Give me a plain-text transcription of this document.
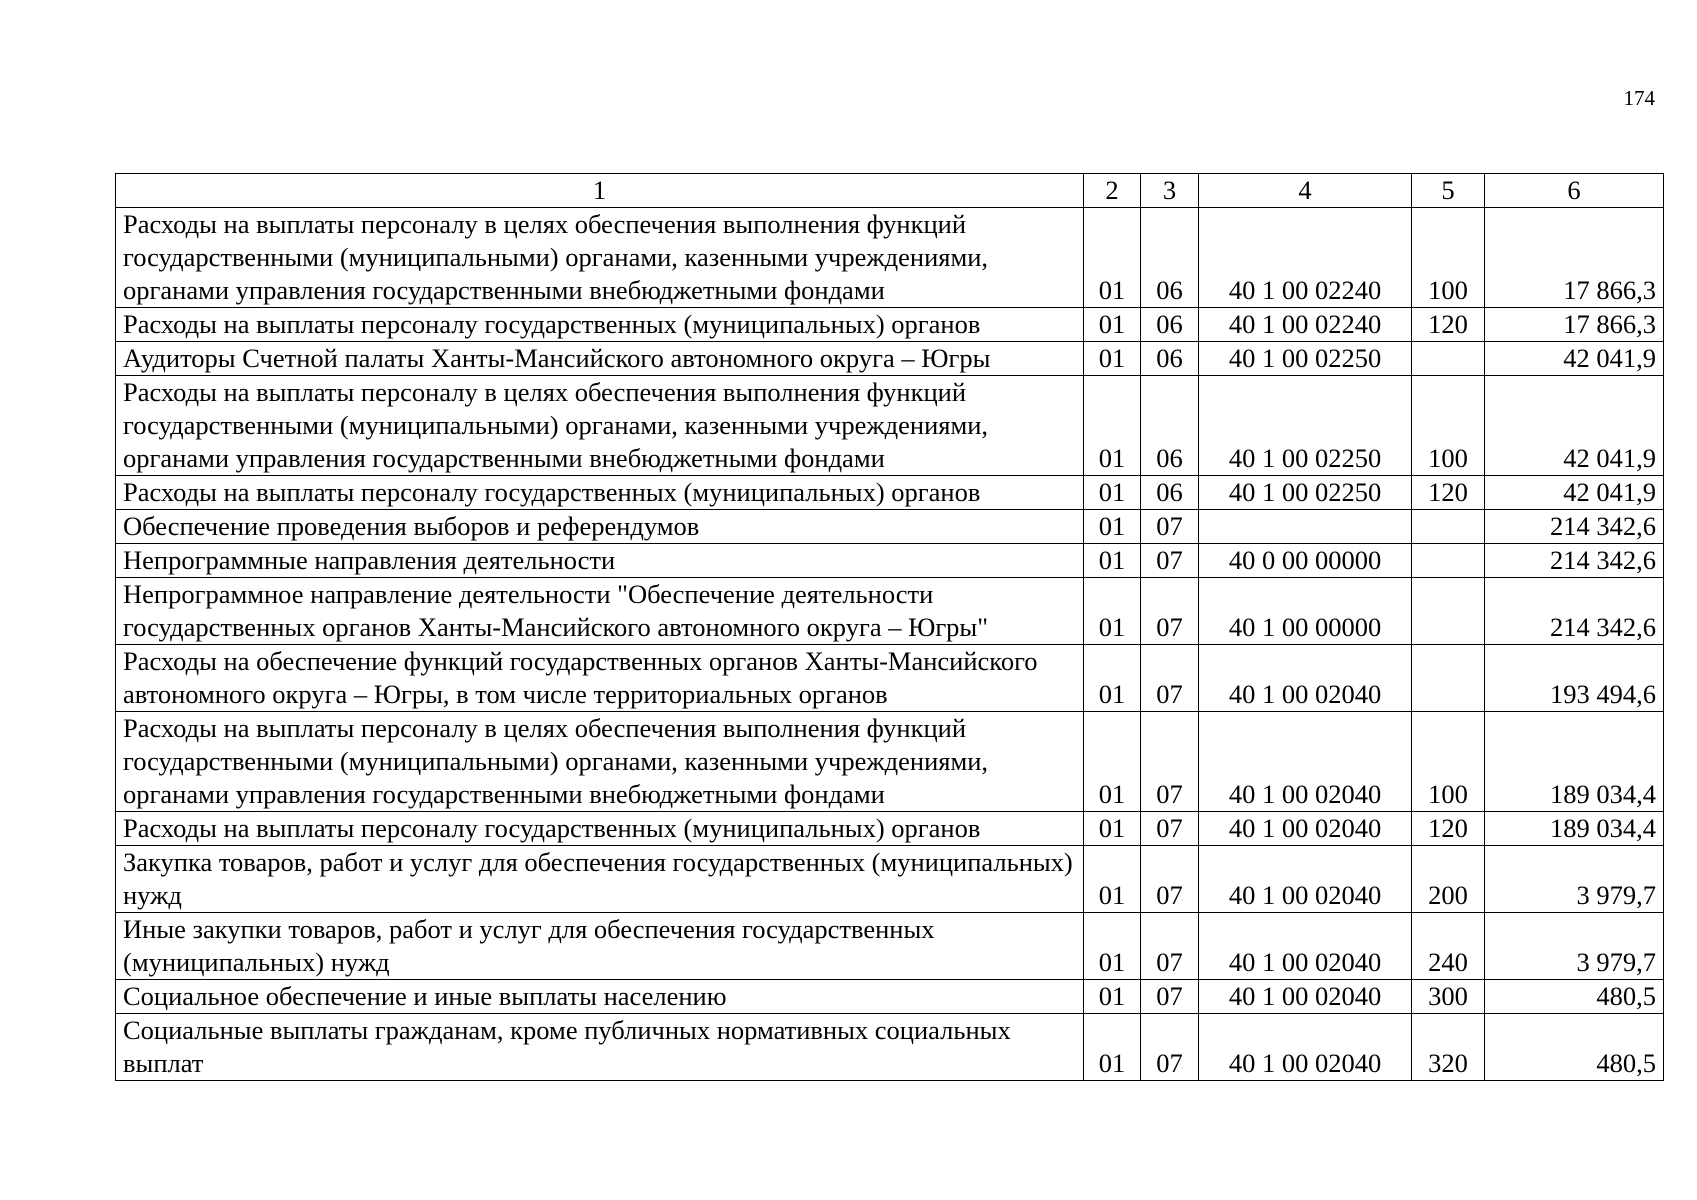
174
1	2	3	4	5	6
Расходы на выплаты персоналу в целях обеспечения выполнения функций государственными (муниципальными) органами, казенными учреждениями, органами управления государственными внебюджетными фондами	01	06	40 1 00 02240	100	17 866,3
Расходы на выплаты персоналу государственных (муниципальных) органов	01	06	40 1 00 02240	120	17 866,3
Аудиторы Счетной палаты Ханты-Мансийского автономного округа – Югры	01	06	40 1 00 02250		42 041,9
Расходы на выплаты персоналу в целях обеспечения выполнения функций государственными (муниципальными) органами, казенными учреждениями, органами управления государственными внебюджетными фондами	01	06	40 1 00 02250	100	42 041,9
Расходы на выплаты персоналу государственных (муниципальных) органов	01	06	40 1 00 02250	120	42 041,9
Обеспечение проведения выборов и референдумов	01	07			214 342,6
Непрограммные направления деятельности	01	07	40 0 00 00000		214 342,6
Непрограммное направление деятельности "Обеспечение деятельности государственных органов Ханты-Мансийского автономного округа – Югры"	01	07	40 1 00 00000		214 342,6
Расходы на обеспечение функций государственных органов Ханты-Мансийского автономного округа – Югры, в том числе территориальных органов	01	07	40 1 00 02040		193 494,6
Расходы на выплаты персоналу в целях обеспечения выполнения функций государственными (муниципальными) органами, казенными учреждениями, органами управления государственными внебюджетными фондами	01	07	40 1 00 02040	100	189 034,4
Расходы на выплаты персоналу государственных (муниципальных) органов	01	07	40 1 00 02040	120	189 034,4
Закупка товаров, работ и услуг для обеспечения государственных (муниципальных) нужд	01	07	40 1 00 02040	200	3 979,7
Иные закупки товаров, работ и услуг для обеспечения государственных (муниципальных) нужд	01	07	40 1 00 02040	240	3 979,7
Социальное обеспечение и иные выплаты населению	01	07	40 1 00 02040	300	480,5
Социальные выплаты гражданам, кроме публичных нормативных социальных выплат	01	07	40 1 00 02040	320	480,5
